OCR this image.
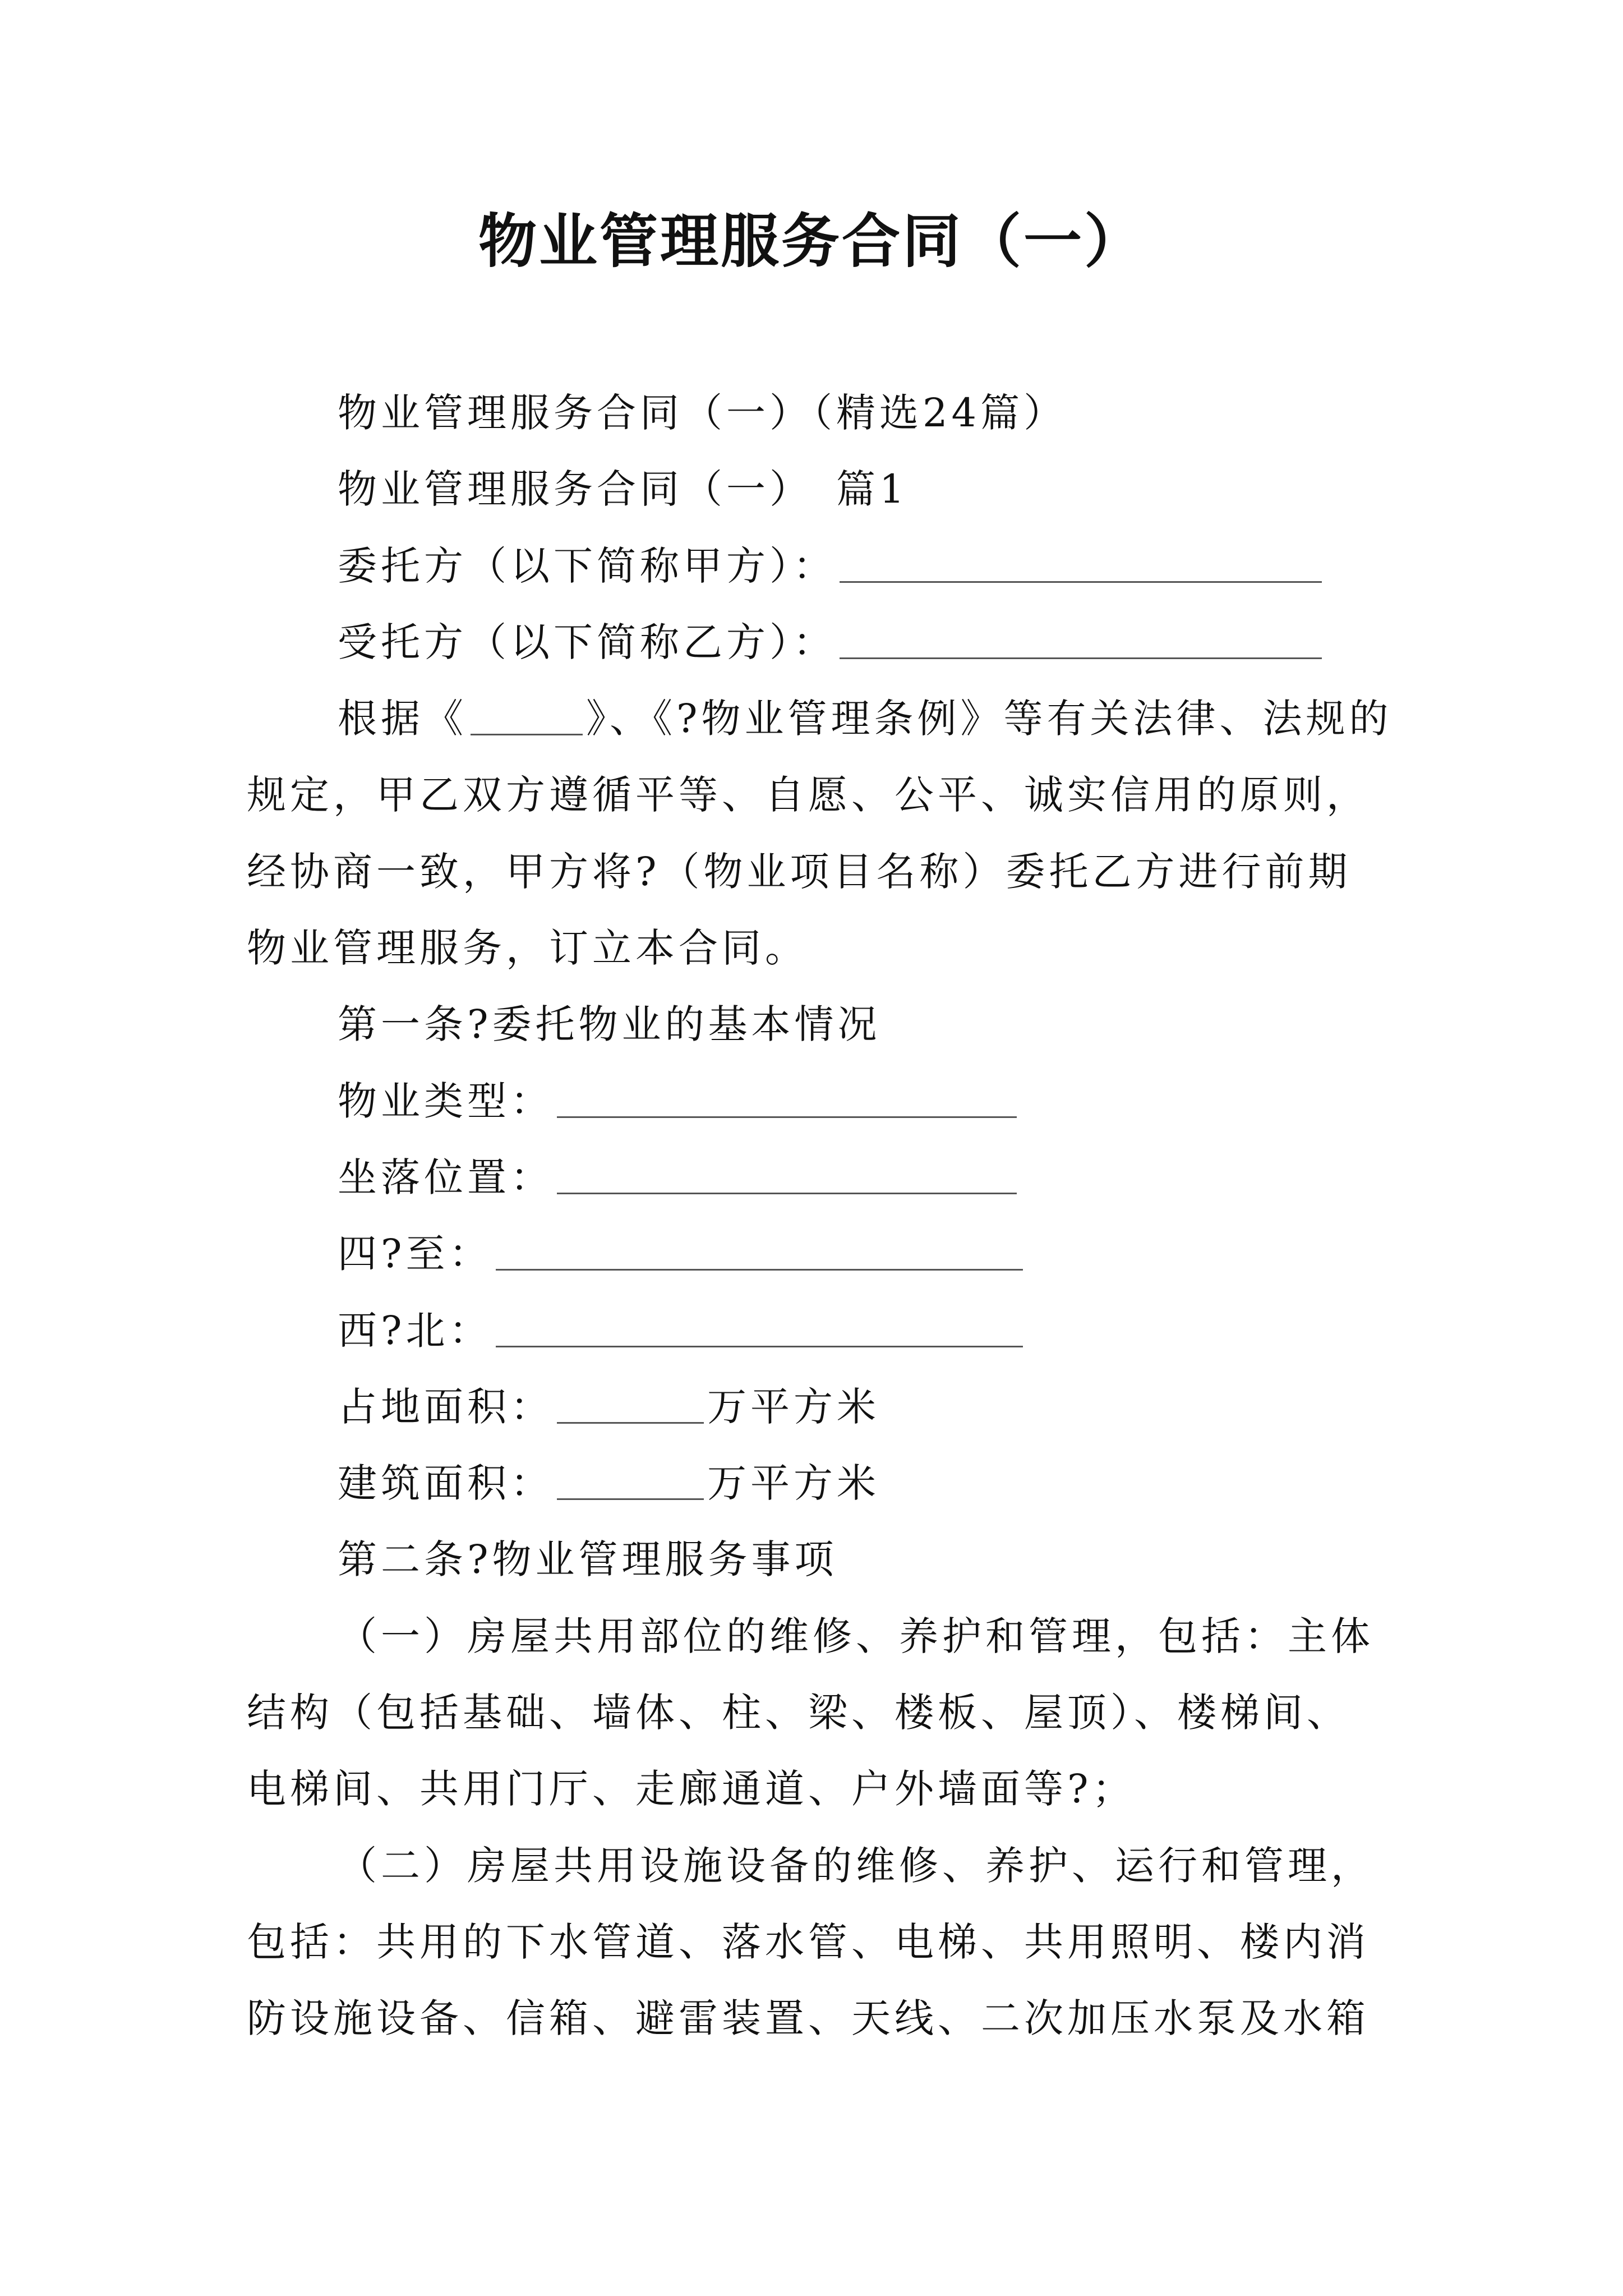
物业管理服务合同（一）
物业管理服务合同（一）（精选24篇）
物业管理服务合同（一）　篇1
委托方（以下简称甲方）：
受托方（以下简称乙方）：
根据《	》、《?物业管理条例》等有关法律、法规的
规定，甲乙双方遵循平等、自愿、公平、诚实信用的原则，
经协商一致，甲方将?（物业项目名称）委托乙方进行前期
物业管理服务，订立本合同。
第一条?委托物业的基本情况
物业类型：
坐落位置：
四?至：
西?北：
占地面积：	万平方米
建筑面积：	万平方米
第二条?物业管理服务事项
（一）房屋共用部位的维修、养护和管理，包括：主体
结构（包括基础、墙体、柱、梁、楼板、屋顶）、楼梯间、
电梯间、共用门厅、走廊通道、户外墙面等?；
（二）房屋共用设施设备的维修、养护、运行和管理，
包括：共用的下水管道、落水管、电梯、共用照明、楼内消
防设施设备、信箱、避雷装置、天线、二次加压水泵及水箱
